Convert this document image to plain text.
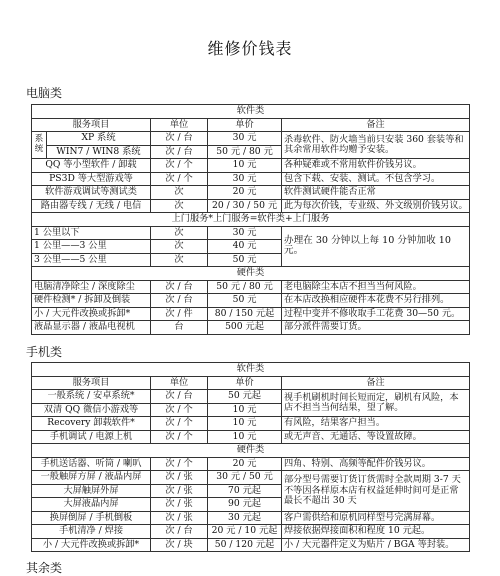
维修价钱表
电脑类
软件类				
服务项目		单位	单价	备注
系统	XP 系统	次 / 台	30 元	杀毒软件、防火墙当前只安装 360 套装等和其余常用软件均赠予安装。
	WIN7 / WIN8 系统	次 / 台	50 元 / 80 元	
QQ 等小型软件 / 卸载		次 / 个	10 元	各种疑难或不常用软件价钱另议。
PS3D 等大型游戏等		次 / 个	30 元	包含下载、安装、测试。不包含学习。
软件游戏调试等测试类		次	20 元	软件测试硬件能否正常
路由器专线 / 无线 / 电信		次	20 / 30 / 50 元	此为每次价钱，专业级、外文级别价钱另议。
上门服务*上门服务=软件类+上门服务				
1 公里以下		次	30 元	办理在 30 分钟以上每 10 分钟加收 10 元。
1 公里——3 公里		次	40 元	
3 公里——5 公里		次	50 元	
硬件类				
电脑清净除尘 / 深度除尘		次 / 台	50 元 / 80 元	老电脑除尘本店不担当当何风险。
硬件检测* / 拆卸及倒装		次 / 台	50 元	在本店改换相应硬件本花费不另行排列。
小 / 大元件改换或拆卸*		次 / 件	80 / 150 元起	过程中变并不修收取手工花费 30—50 元。
液晶显示器 / 液晶电视机		台	500 元起	部分派件需要订货。
手机类
软件类			
服务项目	单位	单价	备注
一般系统 / 安卓系统*	次 / 台	50 元起	视手机刷机时间长短而定，刷机有风险，本店不担当当何结果，望了解。
双清 QQ 微信小游戏等	次 / 个	10 元	
Recovery 卸载软件*	次 / 个	10 元	有风险，结果客户担当。
手机调试 / 电源上机	次 / 个	10 元	或无声音、无通话、等设置故障。
硬件类			
手机送话器、听筒 / 喇叭	次 / 个	20 元	四角、特别、高频等配件价钱另议。
一般触屏方屏 / 液晶内屏	次 / 张	30 元 / 50 元	部分型号需要订货订货需时全款周期 3-7 天不等因各样原本店有权益延伸时间可是正常最长不超出 30 天
大屏触屏外屏	次 / 张	70 元起	
大屏液晶内屏	次 / 张	90 元起	
换屏倒屏 / 手机倒板	次 / 张	30 元起	客户需供给和原机同样型号完满屏幕。
手机清净 / 焊接	次 / 台	20 元 / 10 元起	焊接依据焊接面积和程度 10 元起。
小 / 大元件改换或拆卸*	次 / 块	50 / 120 元起	小 / 大元器件定义为贴片 / BGA 等封装。
其余类
